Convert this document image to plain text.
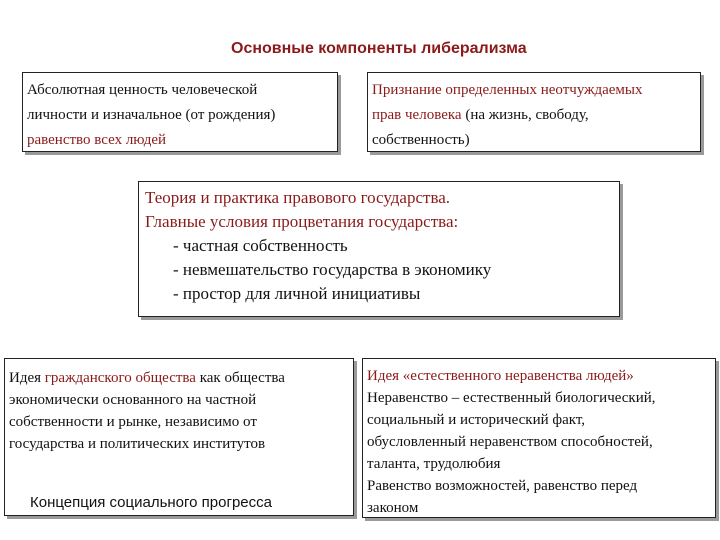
Основные компоненты либерализма
Абсолютная ценность человеческой
личности и изначальное (от рождения)
равенство всех людей
Признание определенных неотчуждаемых
прав человека (на жизнь, свободу,
собственность)
Теория и практика правового государства.
Главные условия процветания государства:
- частная собственность
- невмешательство государства в экономику
- простор для личной инициативы
Идея гражданского общества как общества
экономически основанного на частной
собственности и рынке, независимо от
государства и политических институтов
Концепция социального прогресса
Идея «естественного неравенства людей»
Неравенство – естественный биологический,
социальный и исторический факт,
обусловленный неравенством способностей,
таланта, трудолюбия
Равенство возможностей, равенство перед
законом
